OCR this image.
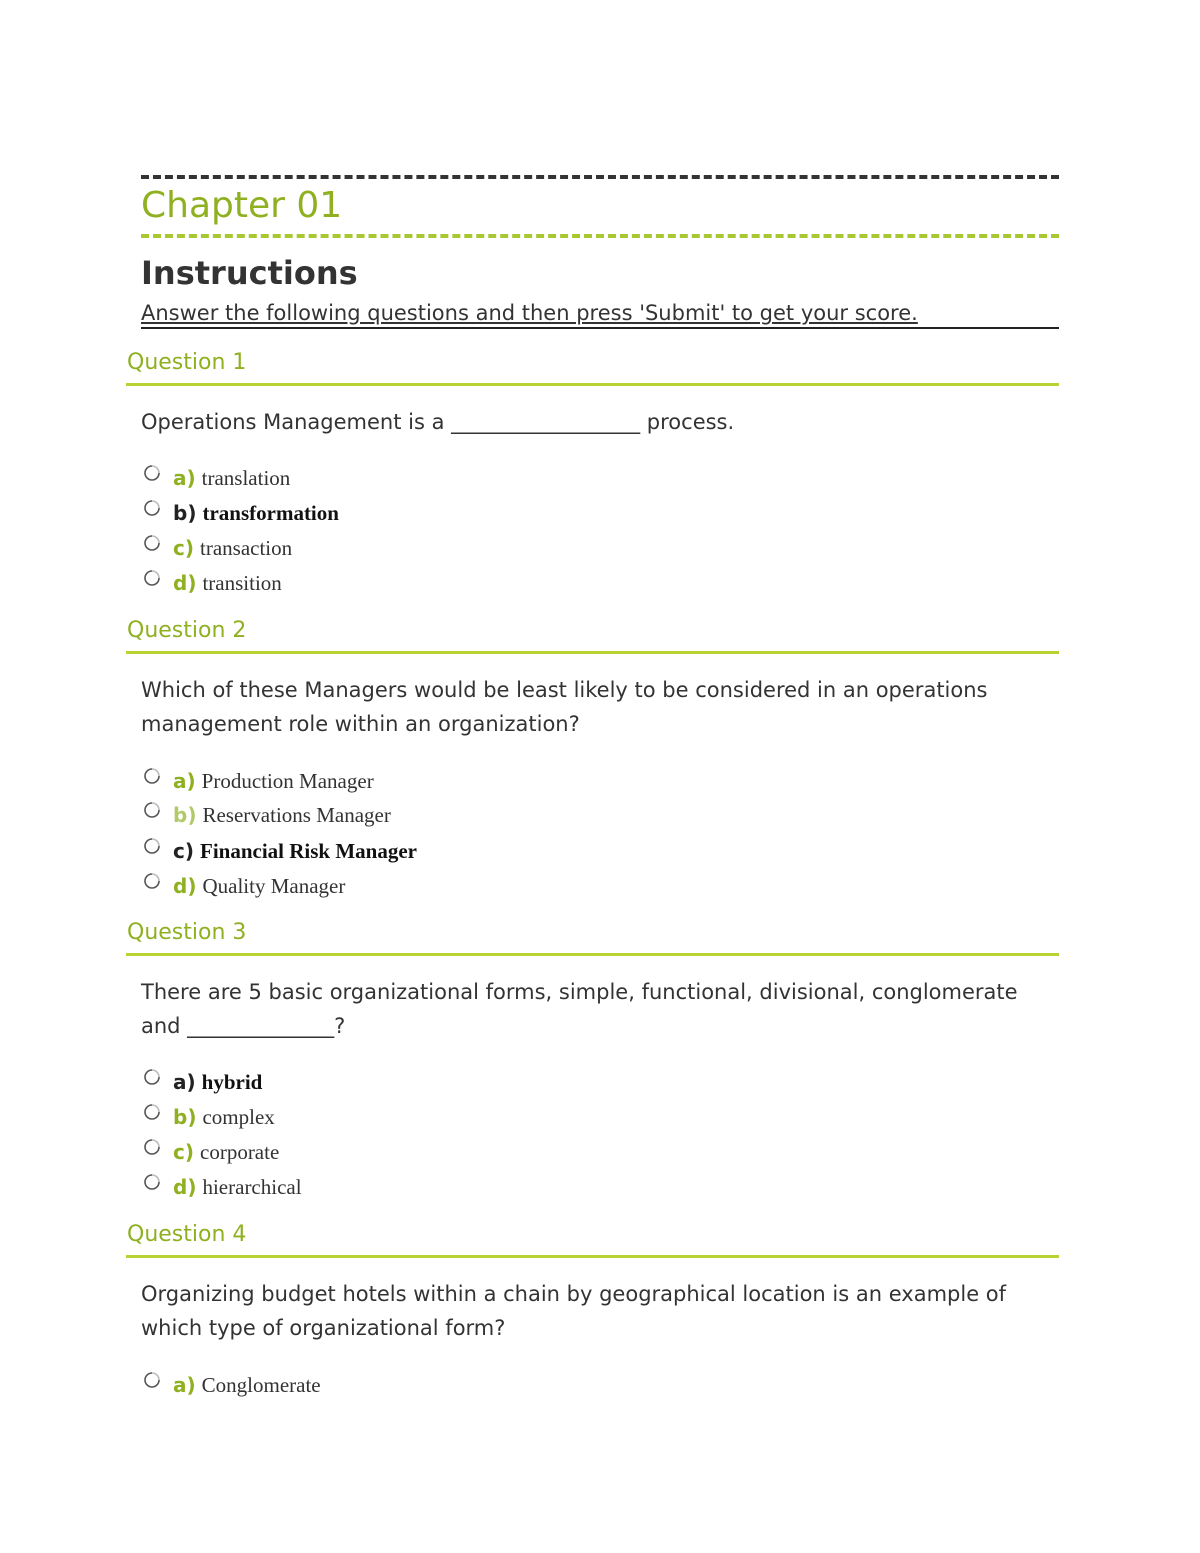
Chapter 01
Instructions
Answer the following questions and then press 'Submit' to get your score.
Question 1
Operations Management is a __________________ process.
a) translation
b) transformation
c) transaction
d) transition
Question 2
Which of these Managers would be least likely to be considered in an operations management role within an organization?
a) Production Manager
b) Reservations Manager
c) Financial Risk Manager
d) Quality Manager
Question 3
There are 5 basic organizational forms, simple, functional, divisional, conglomerate and ______________?
a) hybrid
b) complex
c) corporate
d) hierarchical
Question 4
Organizing budget hotels within a chain by geographical location is an example of which type of organizational form?
a) Conglomerate
